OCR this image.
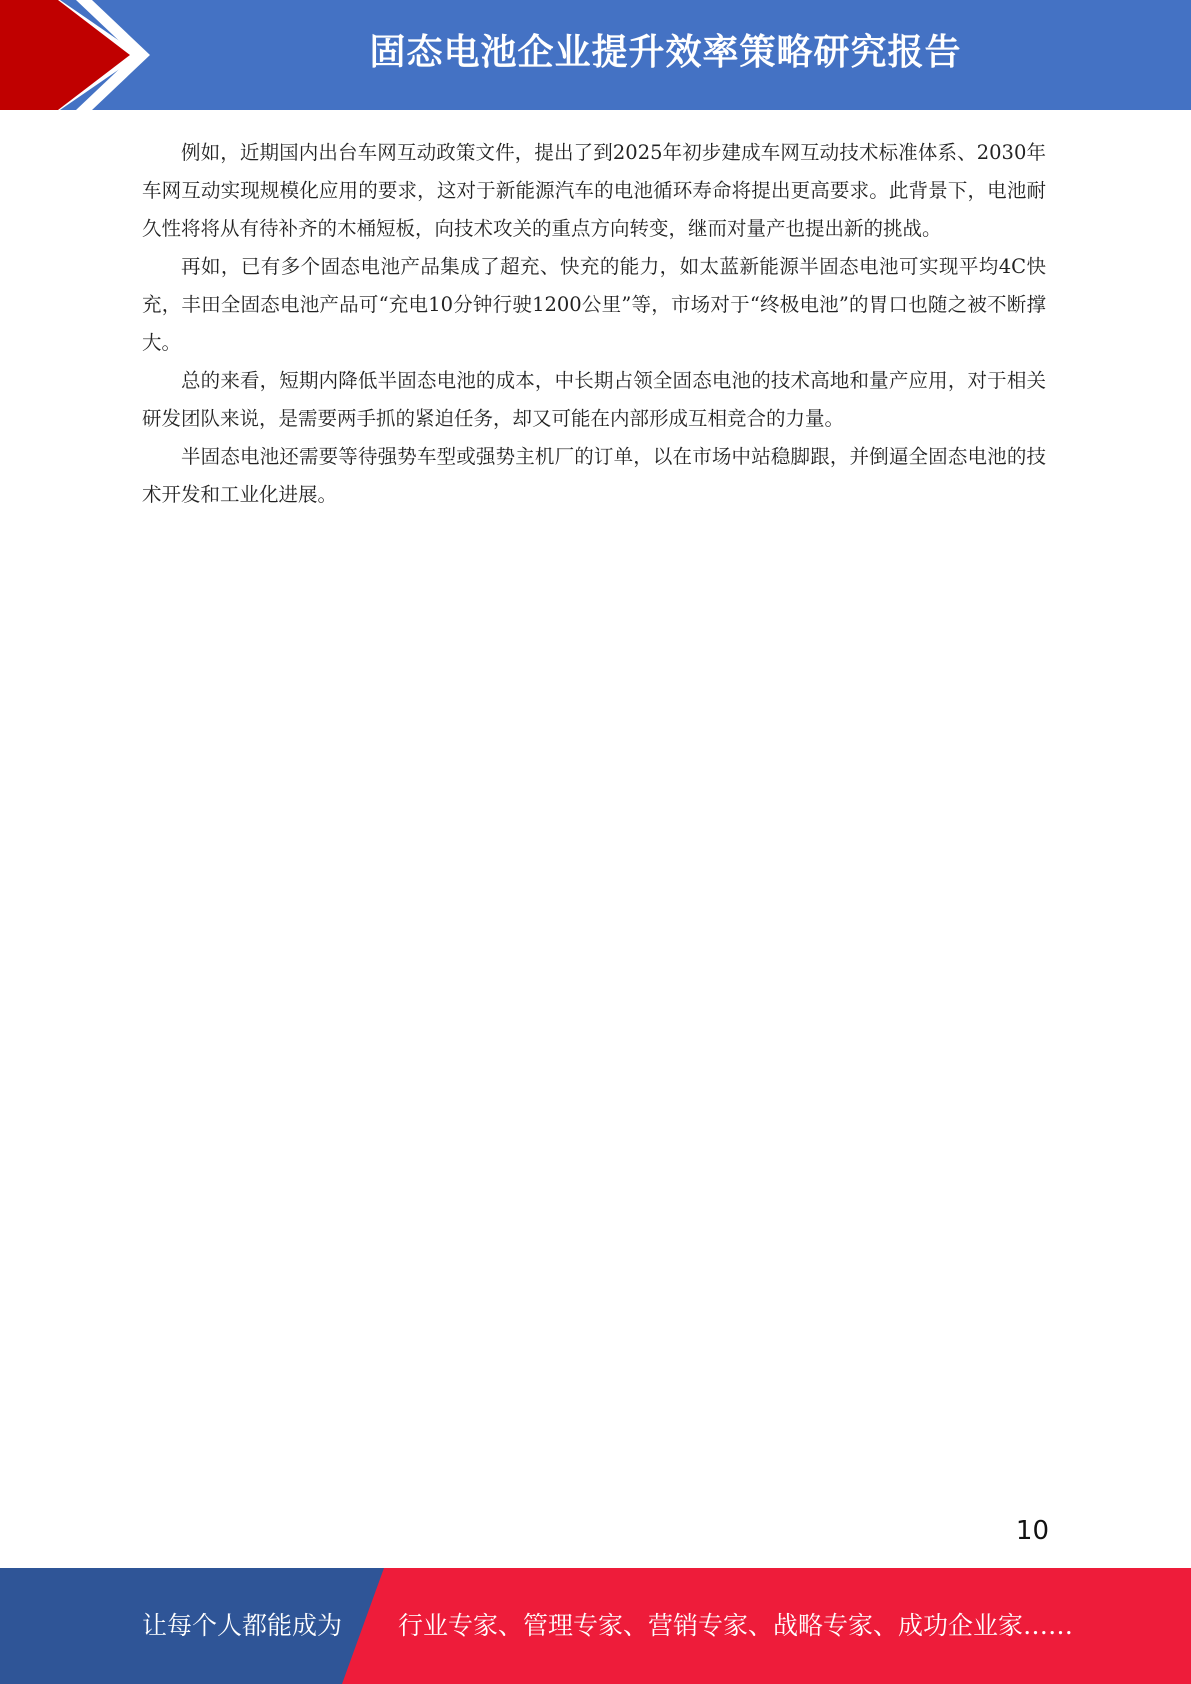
固态电池企业提升效率策略研究报告

例如，近期国内出台车网互动政策文件，提出了到2025年初步建成车网互动技术标准体系、2030年车网互动实现规模化应用的要求，这对于新能源汽车的电池循环寿命将提出更高要求。此背景下，电池耐久性将将从有待补齐的木桶短板，向技术攻关的重点方向转变，继而对量产也提出新的挑战。

再如，已有多个固态电池产品集成了超充、快充的能力，如太蓝新能源半固态电池可实现平均4C快充，丰田全固态电池产品可“充电10分钟行驶1200公里”等，市场对于“终极电池”的胃口也随之被不断撑大。

总的来看，短期内降低半固态电池的成本，中长期占领全固态电池的技术高地和量产应用，对于相关研发团队来说，是需要两手抓的紧迫任务，却又可能在内部形成互相竞合的力量。

半固态电池还需要等待强势车型或强势主机厂的订单，以在市场中站稳脚跟，并倒逼全固态电池的技术开发和工业化进展。

10
让每个人都能成为 行业专家、管理专家、营销专家、战略专家、成功企业家……
